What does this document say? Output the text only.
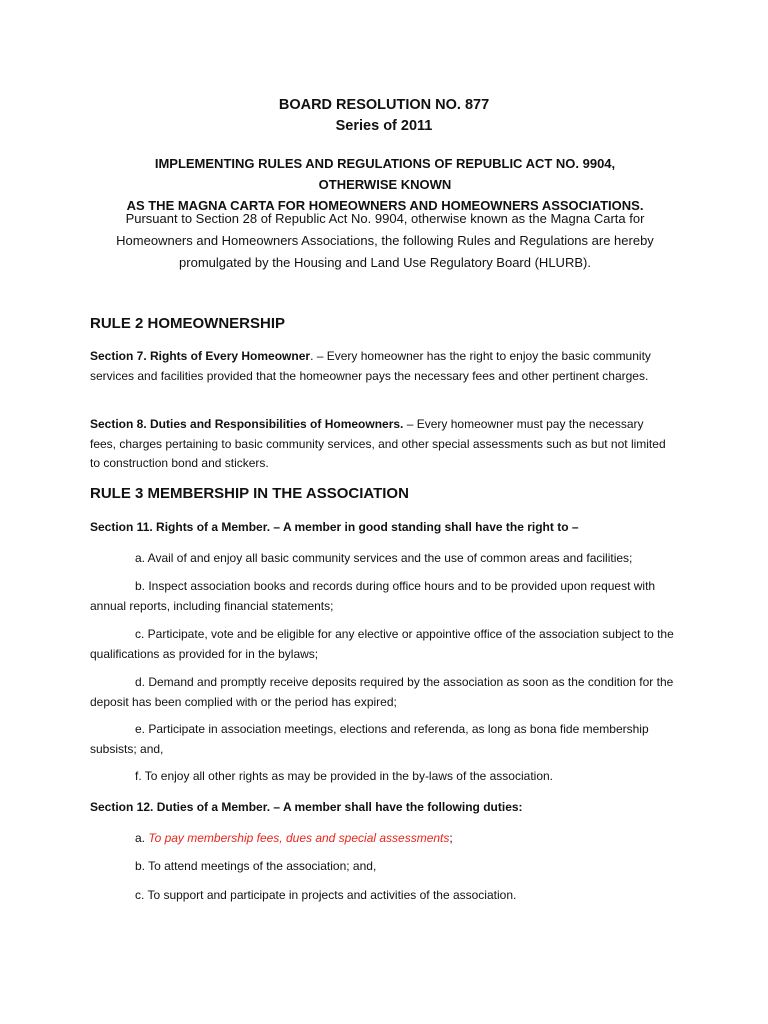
BOARD RESOLUTION NO. 877
Series of 2011
IMPLEMENTING RULES AND REGULATIONS OF REPUBLIC ACT NO. 9904, OTHERWISE KNOWN
AS THE MAGNA CARTA FOR HOMEOWNERS AND HOMEOWNERS ASSOCIATIONS.
Pursuant to Section 28 of Republic Act No. 9904, otherwise known as the Magna Carta for
Homeowners and Homeowners Associations, the following Rules and Regulations are hereby
promulgated by the Housing and Land Use Regulatory Board (HLURB).
RULE 2 HOMEOWNERSHIP
Section 7. Rights of Every Homeowner. – Every homeowner has the right to enjoy the basic community services and facilities provided that the homeowner pays the necessary fees and other pertinent charges.
Section 8. Duties and Responsibilities of Homeowners. – Every homeowner must pay the necessary fees, charges pertaining to basic community services, and other special assessments such as but not limited to construction bond and stickers.
RULE 3 MEMBERSHIP IN THE ASSOCIATION
Section 11. Rights of a Member. – A member in good standing shall have the right to –
a. Avail of and enjoy all basic community services and the use of common areas and facilities;
b. Inspect association books and records during office hours and to be provided upon request with annual reports, including financial statements;
c. Participate, vote and be eligible for any elective or appointive office of the association subject to the qualifications as provided for in the bylaws;
d. Demand and promptly receive deposits required by the association as soon as the condition for the deposit has been complied with or the period has expired;
e. Participate in association meetings, elections and referenda, as long as bona fide membership subsists; and,
f. To enjoy all other rights as may be provided in the by-laws of the association.
Section 12. Duties of a Member. – A member shall have the following duties:
a. To pay membership fees, dues and special assessments;
b. To attend meetings of the association; and,
c. To support and participate in projects and activities of the association.
